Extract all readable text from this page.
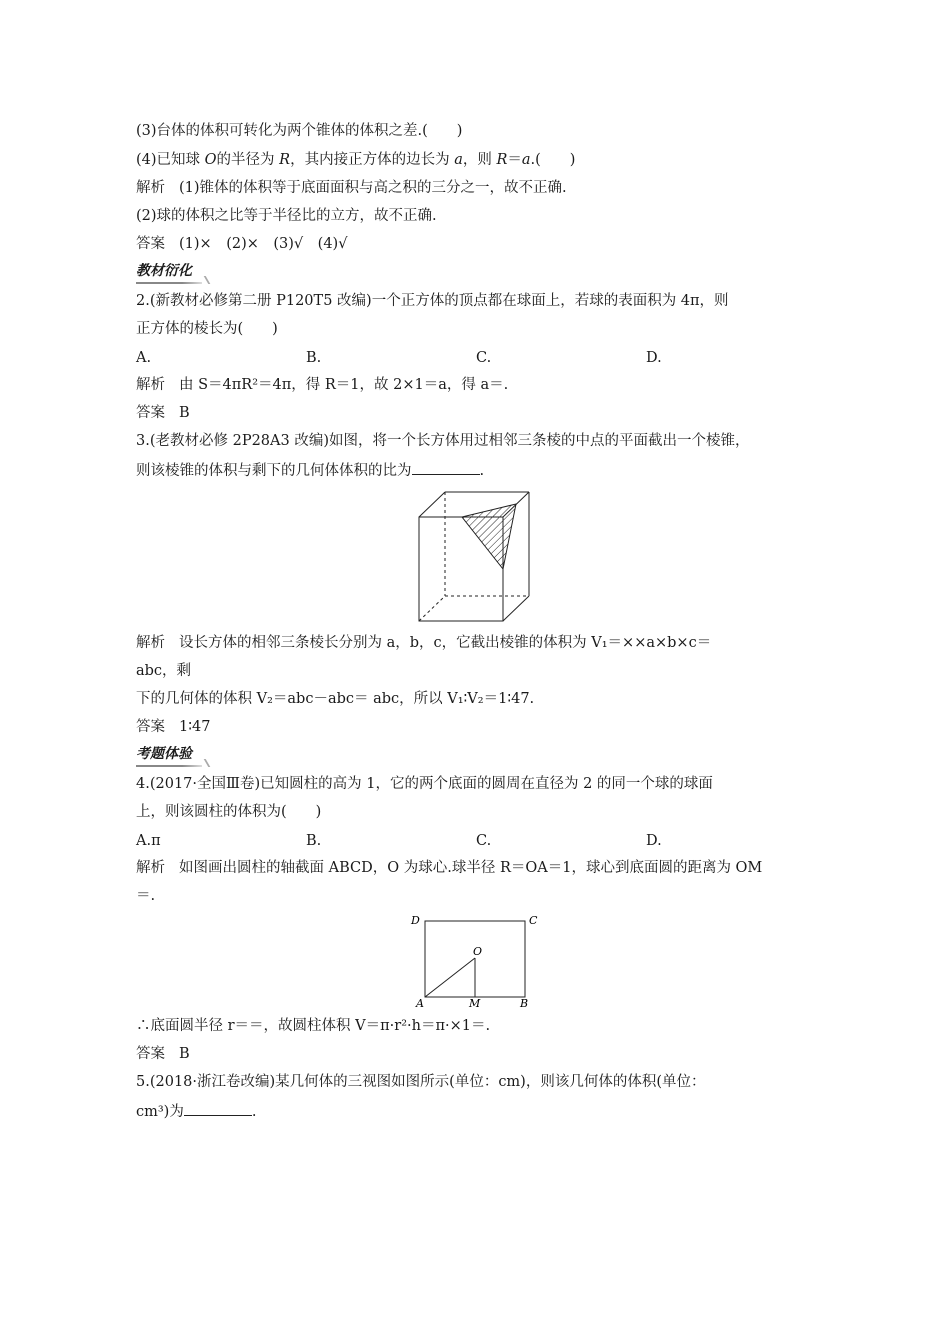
(3)台体的体积可转化为两个锥体的体积之差.(　　)
(4)已知球 O的半径为 R，其内接正方体的边长为 a，则 R＝a.(　　)
解析 (1)锥体的体积等于底面面积与高之积的三分之一，故不正确.
(2)球的体积之比等于半径比的立方，故不正确.
答案 (1)×　(2)×　(3)√　(4)√
教材衍化
2.(新教材必修第二册 P120T5 改编)一个正方体的顶点都在球面上，若球的表面积为 4π，则
正方体的棱长为(　　)
A.	B.	C.	D.
解析 由 S＝4πR²＝4π，得 R＝1，故 2×1＝a，得 a＝.
答案 B
3.(老教材必修 2P28A3 改编)如图，将一个长方体用过相邻三条棱的中点的平面截出一个棱锥，
则该棱锥的体积与剩下的几何体体积的比为	.
解析 设长方体的相邻三条棱长分别为 a，b，c，它截出棱锥的体积为 V₁＝××a×b×c＝
abc，剩
下的几何体的体积 V₂＝abc－abc＝ abc，所以 V₁∶V₂＝1∶47.
答案 1∶47
考题体验
4.(2017·全国Ⅲ卷)已知圆柱的高为 1，它的两个底面的圆周在直径为 2 的同一个球的球面
上，则该圆柱的体积为(　　)
A.π	B.	C.	D.
解析 如图画出圆柱的轴截面 ABCD，O 为球心.球半径 R＝OA＝1，球心到底面圆的距离为 OM
＝.
D	C
O
A	M	B
∴底面圆半径 r＝＝，故圆柱体积 V＝π·r²·h＝π·×1＝.
答案 B
5.(2018·浙江卷改编)某几何体的三视图如图所示(单位：cm)，则该几何体的体积(单位：
cm³)为	.
